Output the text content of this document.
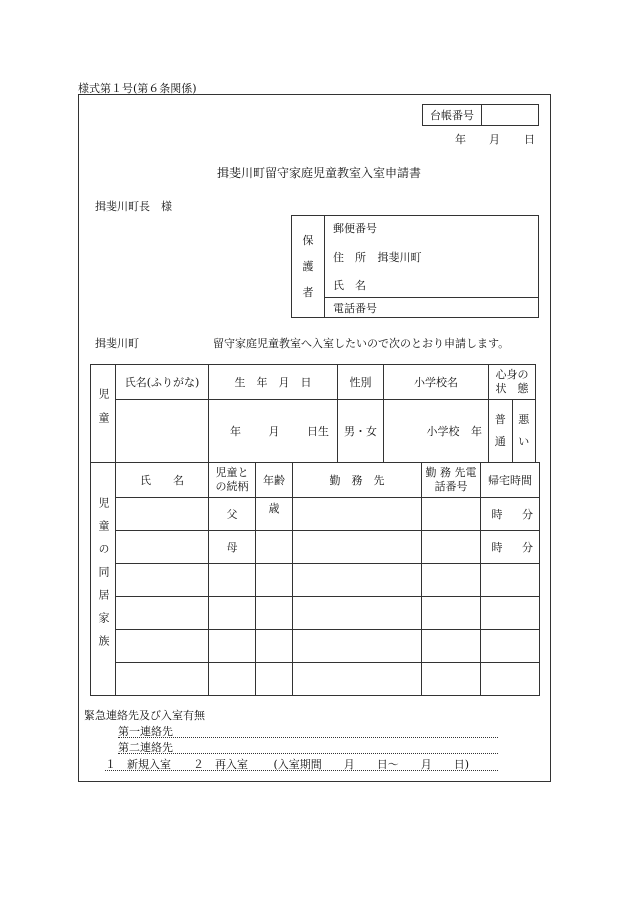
様式第１号(第６条関係)
台帳番号	
年 月 日
揖斐川町留守家庭児童教室入室申請書
揖斐川町長　様
保護者	郵便番号
住　所 揖斐川町
氏　名
電話番号
揖斐川町	留守家庭児童教室へ入室したいので次のとおり申請します。
児童	氏名(ふりがな)	生　年　月　日	性別	小学校名	心身の状　態	
		年 月 日生	男・女	小学校 年	普通	悪い
児童の同居家族	氏　　名	児童との続柄	年齢	勤　務　先	勤 務 先電話番号	帰宅時間
		父	歳			時 分
		母				時 分

緊急連絡先及び入室有無
第一連絡先
第二連絡先
１　新規入室　　２　再入室 (入室期間　　月　　日〜　　月　　日)
